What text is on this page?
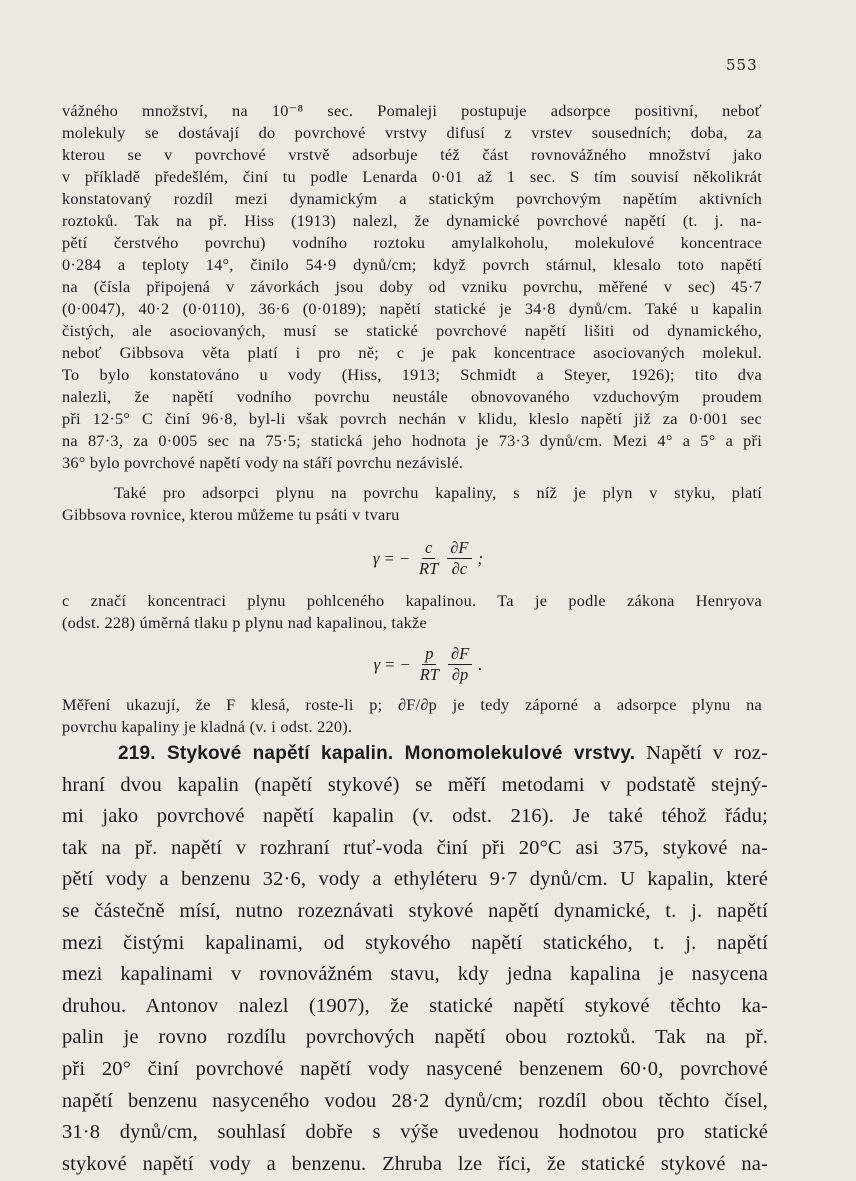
553
vážného množství, na 10⁻⁸ sec. Pomaleji postupuje adsorpce positivní, neboť
molekuly se dostávají do povrchové vrstvy difusí z vrstev sousedních; doba, za
kterou se v povrchové vrstvě adsorbuje též část rovnovážného množství jako
v příkladě předešlém, činí tu podle Lenarda 0·01 až 1 sec. S tím souvisí několikrát
konstatovaný rozdíl mezi dynamickým a statickým povrchovým napětím aktivních
roztoků. Tak na př. Hiss (1913) nalezl, že dynamické povrchové napětí (t. j. na-
pětí čerstvého povrchu) vodního roztoku amylalkoholu, molekulové koncentrace
0·284 a teploty 14°, činilo 54·9 dynů/cm; když povrch stárnul, klesalo toto napětí
na (čísla připojená v závorkách jsou doby od vzniku povrchu, měřené v sec) 45·7
(0·0047), 40·2 (0·0110), 36·6 (0·0189); napětí statické je 34·8 dynů/cm. Také u kapalin
čistých, ale asociovaných, musí se statické povrchové napětí lišiti od dynamického,
neboť Gibbsova věta platí i pro ně; c je pak koncentrace asociovaných molekul.
To bylo konstatováno u vody (Hiss, 1913; Schmidt a Steyer, 1926); tito dva
nalezli, že napětí vodního povrchu neustále obnovovaného vzduchovým proudem
při 12·5° C činí 96·8, byl-li však povrch nechán v klidu, kleslo napětí již za 0·001 sec
na 87·3, za 0·005 sec na 75·5; statická jeho hodnota je 73·3 dynů/cm. Mezi 4° a 5° a při
36° bylo povrchové napětí vody na stáří povrchu nezávislé.
Také pro adsorpci plynu na povrchu kapaliny, s níž je plyn v styku, platí
Gibbsova rovnice, kterou můžeme tu psáti v tvaru
γ = − $\frac{c}{RT} \frac{\partial F}{\partial c}$ ;
c značí koncentraci plynu pohlceného kapalinou. Ta je podle zákona Henryova
(odst. 228) úměrná tlaku p plynu nad kapalinou, takže
γ = − $\frac{p}{RT} \frac{\partial F}{\partial p}$ .
Měření ukazují, že F klesá, roste-li p; ∂F/∂p je tedy záporné a adsorpce plynu na
povrchu kapaliny je kladná (v. i odst. 220).
219. Stykové napětí kapalin. Monomolekulové vrstvy. Napětí v roz-
hraní dvou kapalin (napětí stykové) se měří metodami v podstatě stejný-
mi jako povrchové napětí kapalin (v. odst. 216). Je také téhož řádu;
tak na př. napětí v rozhraní rtuť-voda činí při 20°C asi 375, stykové na-
pětí vody a benzenu 32·6, vody a ethyléteru 9·7 dynů/cm. U kapalin, které
se částečně mísí, nutno rozeznávati stykové napětí dynamické, t. j. napětí
mezi čistými kapalinami, od stykového napětí statického, t. j. napětí
mezi kapalinami v rovnovážném stavu, kdy jedna kapalina je nasycena
druhou. Antonov nalezl (1907), že statické napětí stykové těchto ka-
palin je rovno rozdílu povrchových napětí obou roztoků. Tak na př.
při 20° činí povrchové napětí vody nasycené benzenem 60·0, povrchové
napětí benzenu nasyceného vodou 28·2 dynů/cm; rozdíl obou těchto čísel,
31·8 dynů/cm, souhlasí dobře s výše uvedenou hodnotou pro statické
stykové napětí vody a benzenu. Zhruba lze říci, že statické stykové na-
